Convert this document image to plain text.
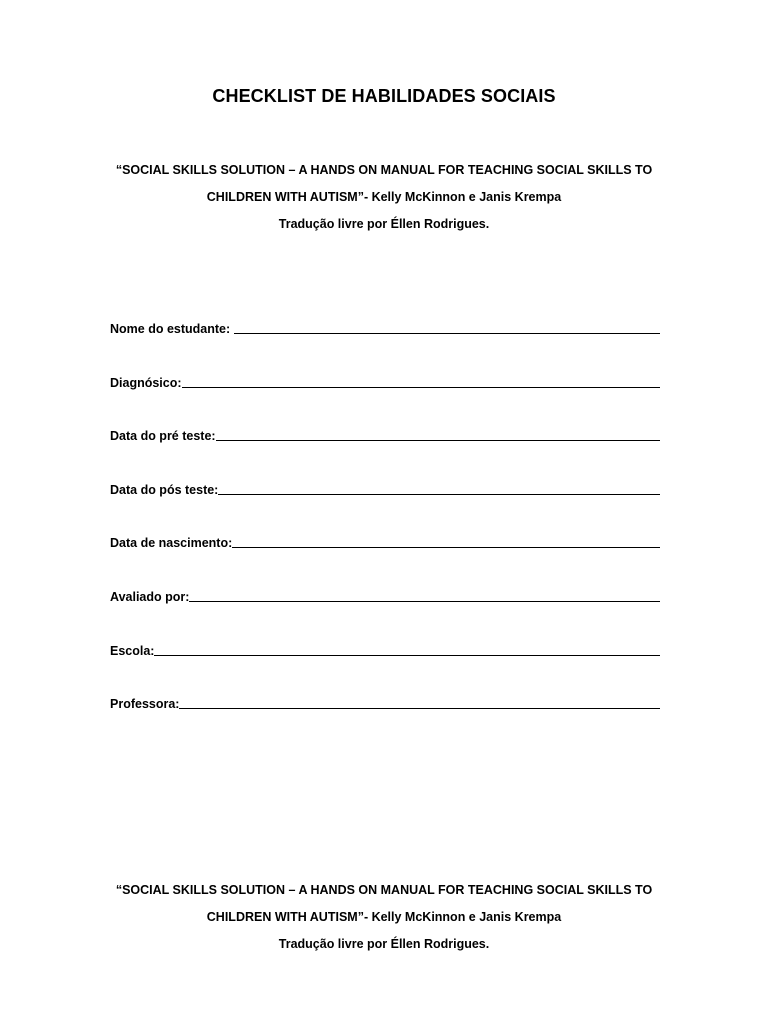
CHECKLIST DE HABILIDADES SOCIAIS
“SOCIAL SKILLS SOLUTION – A HANDS ON MANUAL FOR TEACHING SOCIAL SKILLS TO
CHILDREN WITH AUTISM”- Kelly McKinnon e Janis Krempa
Tradução livre por Éllen Rodrigues.
Nome do estudante:
Diagnósico:
Data do pré teste:
Data do pós teste:
Data de nascimento:
Avaliado por:
Escola:
Professora:
“SOCIAL SKILLS SOLUTION – A HANDS ON MANUAL FOR TEACHING SOCIAL SKILLS TO
CHILDREN WITH AUTISM”- Kelly McKinnon e Janis Krempa
Tradução livre por Éllen Rodrigues.
